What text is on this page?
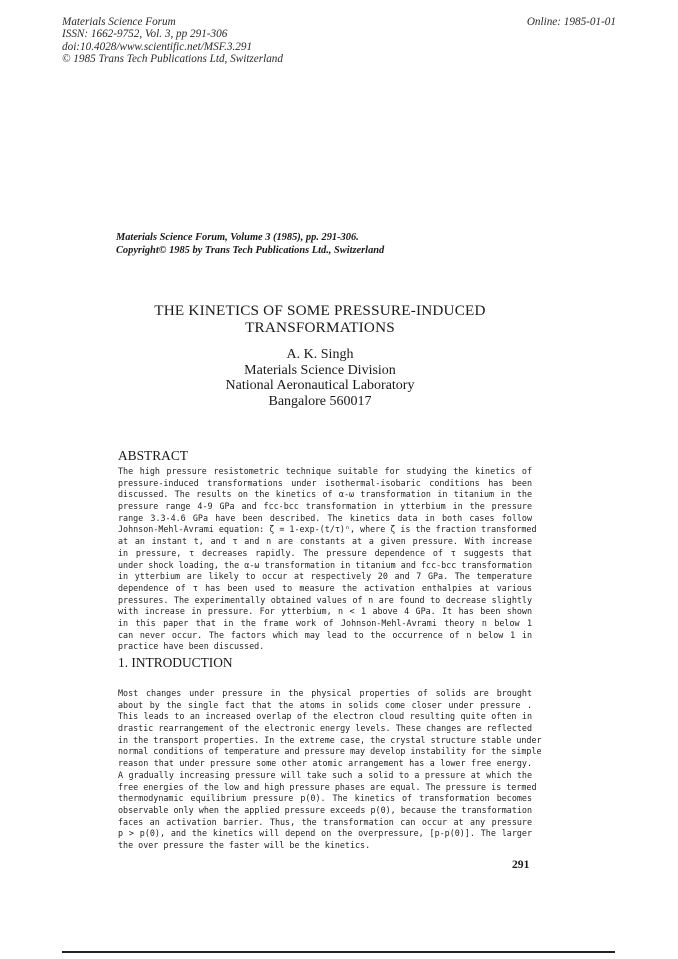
Materials Science Forum
ISSN: 1662-9752, Vol. 3, pp 291-306
doi:10.4028/www.scientific.net/MSF.3.291
© 1985 Trans Tech Publications Ltd, Switzerland
Online: 1985-01-01
Materials Science Forum, Volume 3 (1985), pp. 291-306.
Copyright© 1985 by Trans Tech Publications Ltd., Switzerland
THE KINETICS OF SOME PRESSURE-INDUCED
TRANSFORMATIONS
A. K. Singh
Materials Science Division
National Aeronautical Laboratory
Bangalore 560017
ABSTRACT
The high pressure resistometric technique suitable for studying the kinetics of
pressure-induced transformations under isothermal-isobaric conditions has been
discussed. The results on the kinetics of α-ω transformation in titanium in the
pressure range 4-9 GPa and fcc-bcc transformation in ytterbium in the pressure
range 3.3-4.6 GPa have been described. The kinetics data in both cases follow
Johnson-Mehl-Avrami equation: ζ = 1-exp-(t/τ)ⁿ, where ζ is the fraction transformed
at an instant t, and τ and n are constants at a given pressure. With increase
in pressure, τ decreases rapidly. The pressure dependence of τ suggests that
under shock loading, the α-ω transformation in titanium and fcc-bcc transformation
in ytterbium are likely to occur at respectively 20 and 7 GPa. The temperature
dependence of τ has been used to measure the activation enthalpies at various
pressures. The experimentally obtained values of n are found to decrease slightly
with increase in pressure. For ytterbium, n < 1 above 4 GPa. It has been shown
in this paper that in the frame work of Johnson-Mehl-Avrami theory n below 1
can never occur. The factors which may lead to the occurrence of n below 1 in
practice have been discussed.
1. INTRODUCTION
Most changes under pressure in the physical properties of solids are brought
about by the single fact that the atoms in solids come closer under pressure .
This leads to an increased overlap of the electron cloud resulting quite often in
drastic rearrangement of the electronic energy levels. These changes are reflected
in the transport properties. In the extreme case, the crystal structure stable under
normal conditions of temperature and pressure may develop instability for the simple
reason that under pressure some other atomic arrangement has a lower free energy.
A gradually increasing pressure will take such a solid to a pressure at which the
free energies of the low and high pressure phases are equal. The pressure is termed
thermodynamic equilibrium pressure p(0). The kinetics of transformation becomes
observable only when the applied pressure exceeds p(0), because the transformation
faces an activation barrier. Thus, the transformation can occur at any pressure
p > p(0), and the kinetics will depend on the overpressure, [p-p(0)]. The larger
the over pressure the faster will be the kinetics.
291
